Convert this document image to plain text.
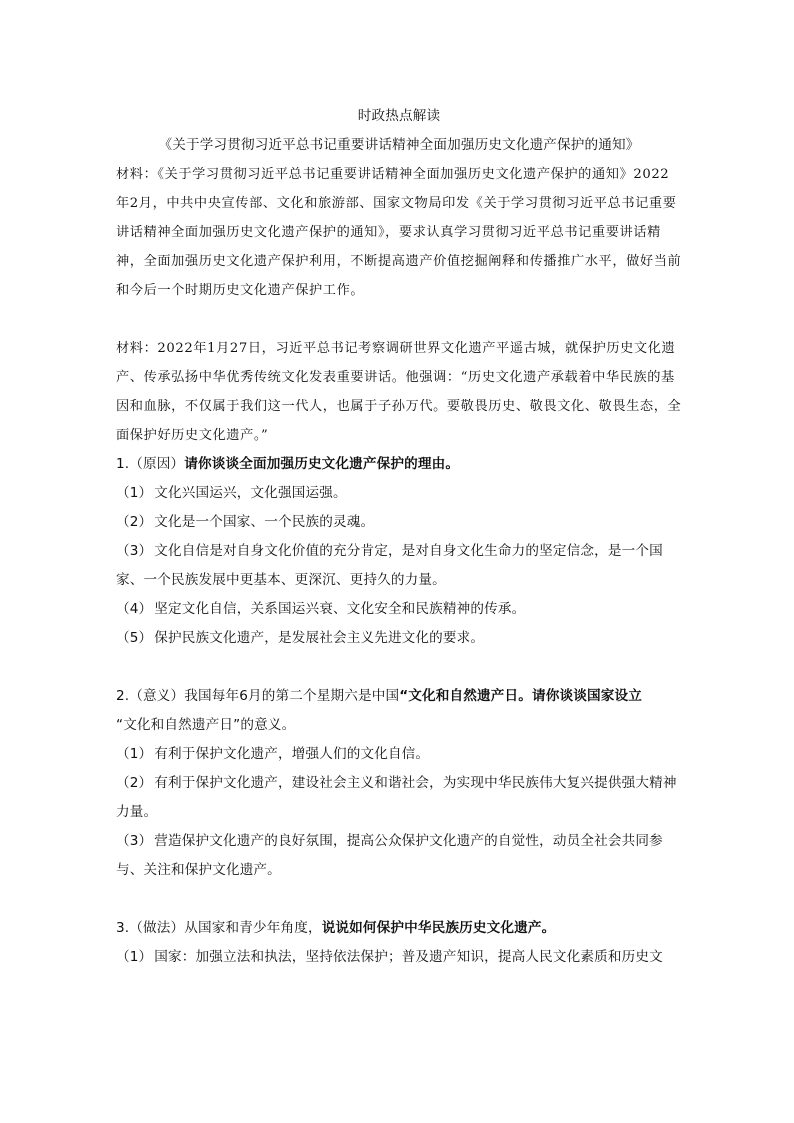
时政热点解读

《关于学习贯彻习近平总书记重要讲话精神全面加强历史文化遗产保护的通知》

材料：《关于学习贯彻习近平总书记重要讲话精神全面加强历史文化遗产保护的通知》2022年2月，中共中央宣传部、文化和旅游部、国家文物局印发《关于学习贯彻习近平总书记重要讲话精神全面加强历史文化遗产保护的通知》，要求认真学习贯彻习近平总书记重要讲话精神，全面加强历史文化遗产保护利用，不断提高遗产价值挖掘阐释和传播推广水平，做好当前和今后一个时期历史文化遗产保护工作。

材料：2022年1月27日，习近平总书记考察调研世界文化遗产平遥古城，就保护历史文化遗产、传承弘扬中华优秀传统文化发表重要讲话。他强调：“历史文化遗产承载着中华民族的基因和血脉，不仅属于我们这一代人，也属于子孙万代。要敬畏历史、敬畏文化、敬畏生态，全面保护好历史文化遗产。”

1.（原因）请你谈谈全面加强历史文化遗产保护的理由。

（1） 文化兴国运兴，文化强国运强。

（2） 文化是一个国家、一个民族的灵魂。

（3） 文化自信是对自身文化价值的充分肯定，是对自身文化生命力的坚定信念，是一个国家、一个民族发展中更基本、更深沉、更持久的力量。

（4） 坚定文化自信，关系国运兴衰、文化安全和民族精神的传承。

（5） 保护民族文化遗产，是发展社会主义先进文化的要求。

2.（意义）我国每年6月的第二个星期六是中国“文化和自然遗产日。请你谈谈国家设立

“文化和自然遗产日”的意义。

（1） 有利于保护文化遗产，增强人们的文化自信。

（2） 有利于保护文化遗产，建设社会主义和谐社会，为实现中华民族伟大复兴提供强大精神力量。

（3） 营造保护文化遗产的良好氛围，提高公众保护文化遗产的自觉性，动员全社会共同参与、关注和保护文化遗产。

3.（做法）从国家和青少年角度，说说如何保护中华民族历史文化遗产。

（1） 国家：加强立法和执法，坚持依法保护；普及遗产知识，提高人民文化素质和历史文
